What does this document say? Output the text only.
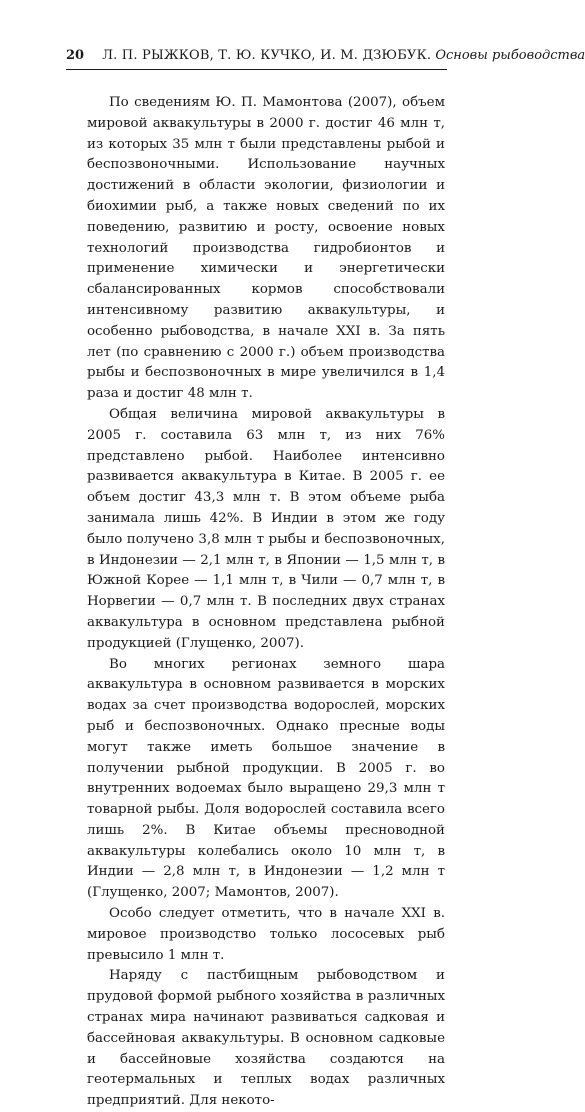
20 Л. П. РЫЖКОВ, Т. Ю. КУЧКО, И. М. ДЗЮБУК. Основы рыбоводства

По сведениям Ю. П. Мамонтова (2007), объем мировой аквакультуры в 2000 г. достиг 46 млн т, из которых 35 млн т были представлены рыбой и беспозвоночными. Использование научных достижений в области экологии, физиологии и биохимии рыб, а также новых сведений по их поведению, развитию и росту, освоение новых технологий производства гидробионтов и применение химически и энергетически сбалансированных кормов способствовали интенсивному развитию аквакультуры, и особенно рыбоводства, в начале XXI в. За пять лет (по сравнению с 2000 г.) объем производства рыбы и беспозвоночных в мире увеличился в 1,4 раза и достиг 48 млн т.

Общая величина мировой аквакультуры в 2005 г. составила 63 млн т, из них 76% представлено рыбой. Наиболее интенсивно развивается аквакультура в Китае. В 2005 г. ее объем достиг 43,3 млн т. В этом объеме рыба занимала лишь 42%. В Индии в этом же году было получено 3,8 млн т рыбы и беспозвоночных, в Индонезии — 2,1 млн т, в Японии — 1,5 млн т, в Южной Корее — 1,1 млн т, в Чили — 0,7 млн т, в Норвегии — 0,7 млн т. В последних двух странах аквакультура в основном представлена рыбной продукцией (Глущенко, 2007).

Во многих регионах земного шара аквакультура в основном развивается в морских водах за счет производства водорослей, морских рыб и беспозвоночных. Однако пресные воды могут также иметь большое значение в получении рыбной продукции. В 2005 г. во внутренних водоемах было выращено 29,3 млн т товарной рыбы. Доля водорослей составила всего лишь 2%. В Китае объемы пресноводной аквакультуры колебались около 10 млн т, в Индии — 2,8 млн т, в Индонезии — 1,2 млн т (Глущенко, 2007; Мамонтов, 2007).

Особо следует отметить, что в начале XXI в. мировое производство только лососевых рыб превысило 1 млн т.

Наряду с пастбищным рыбоводством и прудовой формой рыбного хозяйства в различных странах мира начинают развиваться садковая и бассейновая аквакультуры. В основном садковые и бассейновые хозяйства создаются на геотермальных и теплых водах различных предприятий. Для некото-
